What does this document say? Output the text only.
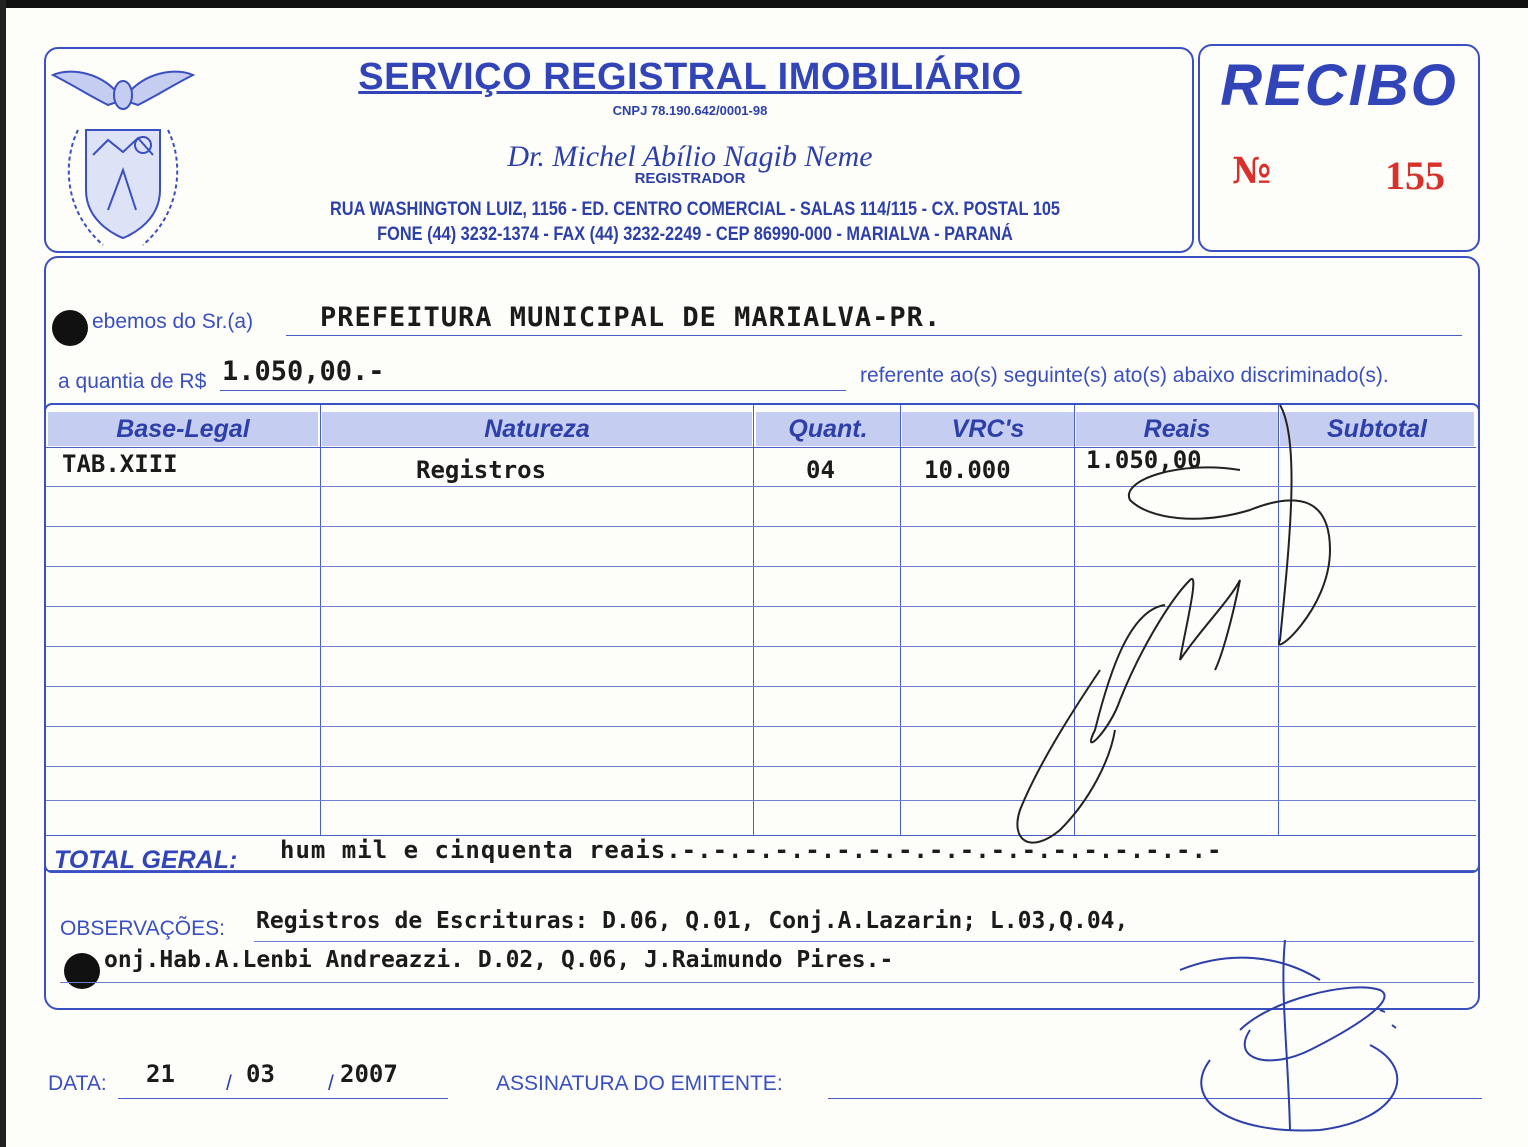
SERVIÇO REGISTRAL IMOBILIÁRIO
CNPJ 78.190.642/0001-98
Dr. Michel Abílio Nagib Neme
REGISTRADOR
RUA WASHINGTON LUIZ, 1156 - ED. CENTRO COMERCIAL - SALAS 114/115 - CX. POSTAL 105
FONE (44) 3232-1374 - FAX (44) 3232-2249 - CEP 86990-000 - MARIALVA - PARANÁ
RECIBO
№	155
ebemos do Sr.(a) PREFEITURA MUNICIPAL DE MARIALVA-PR.
a quantia de R$ 1.050,00.-	referente ao(s) seguinte(s) ato(s) abaixo discriminado(s).
Base-Legal	Natureza	Quant.	VRC's	Reais	Subtotal
TAB.XIII	Registros	04	10.000	1.050,00
TOTAL GERAL: hum mil e cinquenta reais.-.-.-.-.-.-.-.-.-.-.-.-.-.-.-.-.-.-
OBSERVAÇÕES: Registros de Escrituras: D.06, Q.01, Conj.A.Lazarin; L.03,Q.04,
onj.Hab.A.Lenbi Andreazzi. D.02, Q.06, J.Raimundo Pires.-
DATA: 21 / 03	/ 2007	ASSINATURA DO EMITENTE:
